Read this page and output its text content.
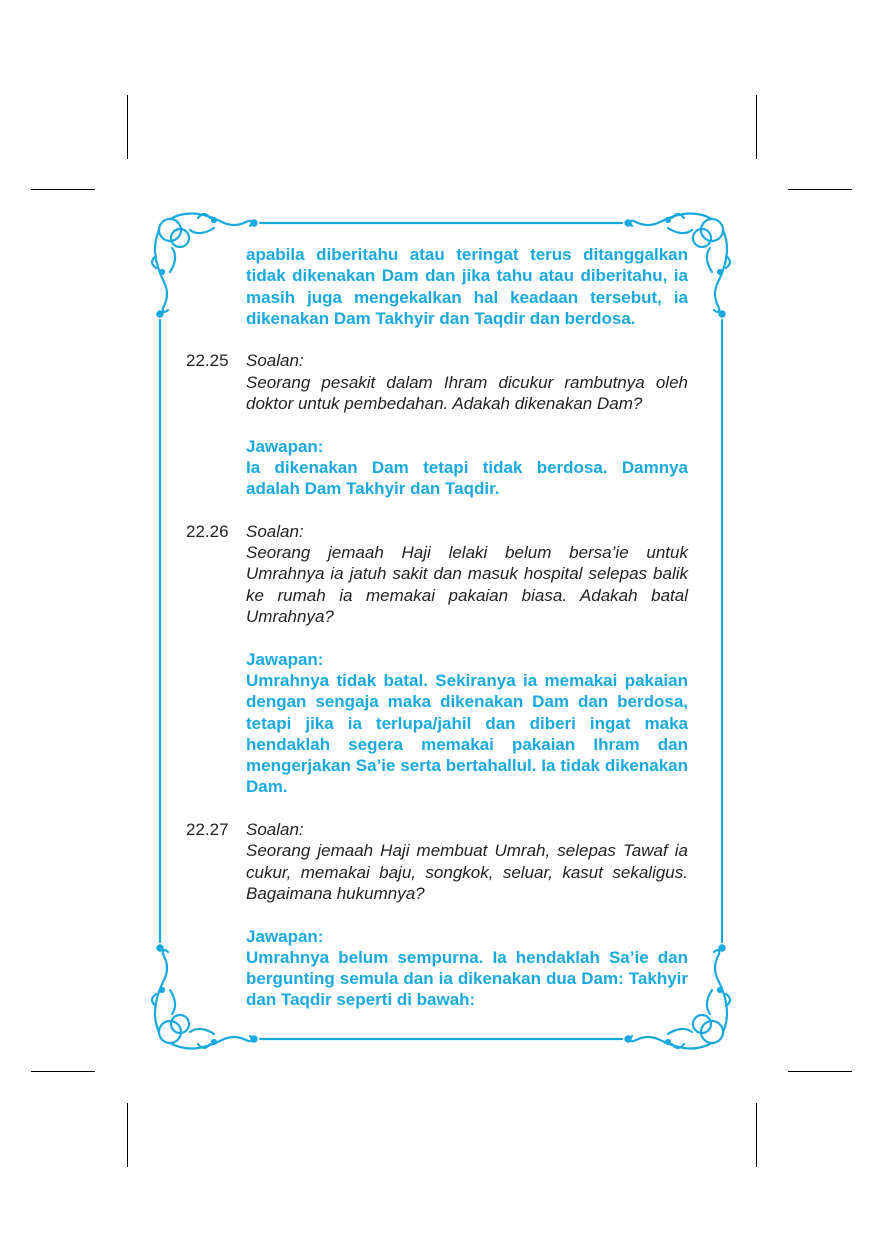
apabila diberitahu atau teringat terus ditanggalkan tidak dikenakan Dam dan jika tahu atau diberitahu, ia masih juga mengekalkan hal keadaan tersebut, ia dikenakan Dam Takhyir dan Taqdir dan berdosa.
22.25 Soalan:
Seorang pesakit dalam Ihram dicukur rambutnya oleh doktor untuk pembedahan. Adakah dikenakan Dam?
Jawapan:
Ia dikenakan Dam tetapi tidak berdosa. Damnya adalah Dam Takhyir dan Taqdir.
22.26 Soalan:
Seorang jemaah Haji lelaki belum bersa’ie untuk Umrahnya ia jatuh sakit dan masuk hospital selepas balik ke rumah ia memakai pakaian biasa. Adakah batal Umrahnya?
Jawapan:
Umrahnya tidak batal. Sekiranya ia memakai pakaian dengan sengaja maka dikenakan Dam dan berdosa, tetapi jika ia terlupa/jahil dan diberi ingat maka hendaklah segera memakai pakaian Ihram dan mengerjakan Sa’ie serta bertahallul. Ia tidak dikenakan Dam.
22.27 Soalan:
Seorang jemaah Haji membuat Umrah, selepas Tawaf ia cukur, memakai baju, songkok, seluar, kasut sekaligus. Bagaimana hukumnya?
Jawapan:
Umrahnya belum sempurna. Ia hendaklah Sa’ie dan bergunting semula dan ia dikenakan dua Dam: Takhyir dan Taqdir seperti di bawah:
